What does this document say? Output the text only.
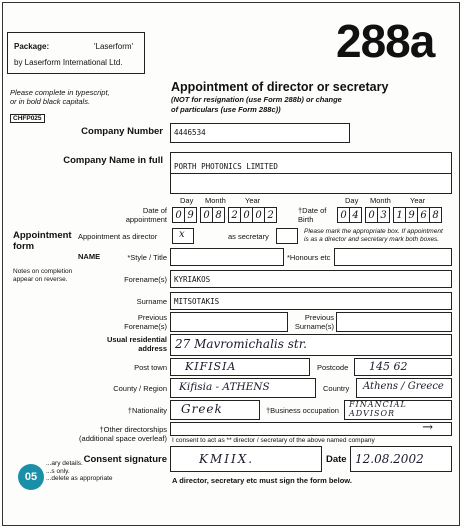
Package:	'Laserform'
by Laserform International Ltd.	288a
Please complete in typescript,
or in bold black capitals.
CHFP025
Appointment of director or secretary
(NOT for resignation (use Form 288b) or change
of particulars (use Form 288c))
Company Number 4446534
Company Name in full
PORTH PHOTONICS LIMITED
Day Month	Year	Day Month	Year
Date of
appointment 0 9 0 8 2 0 0 2	†Date of
Birth	0 4 0 3 1 9 6 8
Appointment
form
Appointment as director x	as secretary
Please mark the appropriate box. If appointment
is as a director and secretary mark both boxes.
NAME	*Style / Title	*Honours etc
Notes on completion
appear on reverse.	Forename(s) KYRIAKOS
Surname MITSOTAKIS
Previous
Forename(s)
Previous
Surname(s)
Usual residential
address 27 Mavromichalis str.
Post town KIFISIA	Postcode 145 62
County / Region Kifisia - ATHENS	Country Athens / Greece
†Nationality Greek	†Business occupation
FINANCIAL
ADVISOR
†Other directorships
(additional space overleaf)
→
I consent to act as ** director / secretary of the above named company
Consent signature	KMIIX.	Date 12.08.2002
...ary details.
...s only.
...delete as appropriate
05	A director, secretary etc must sign the form below.
